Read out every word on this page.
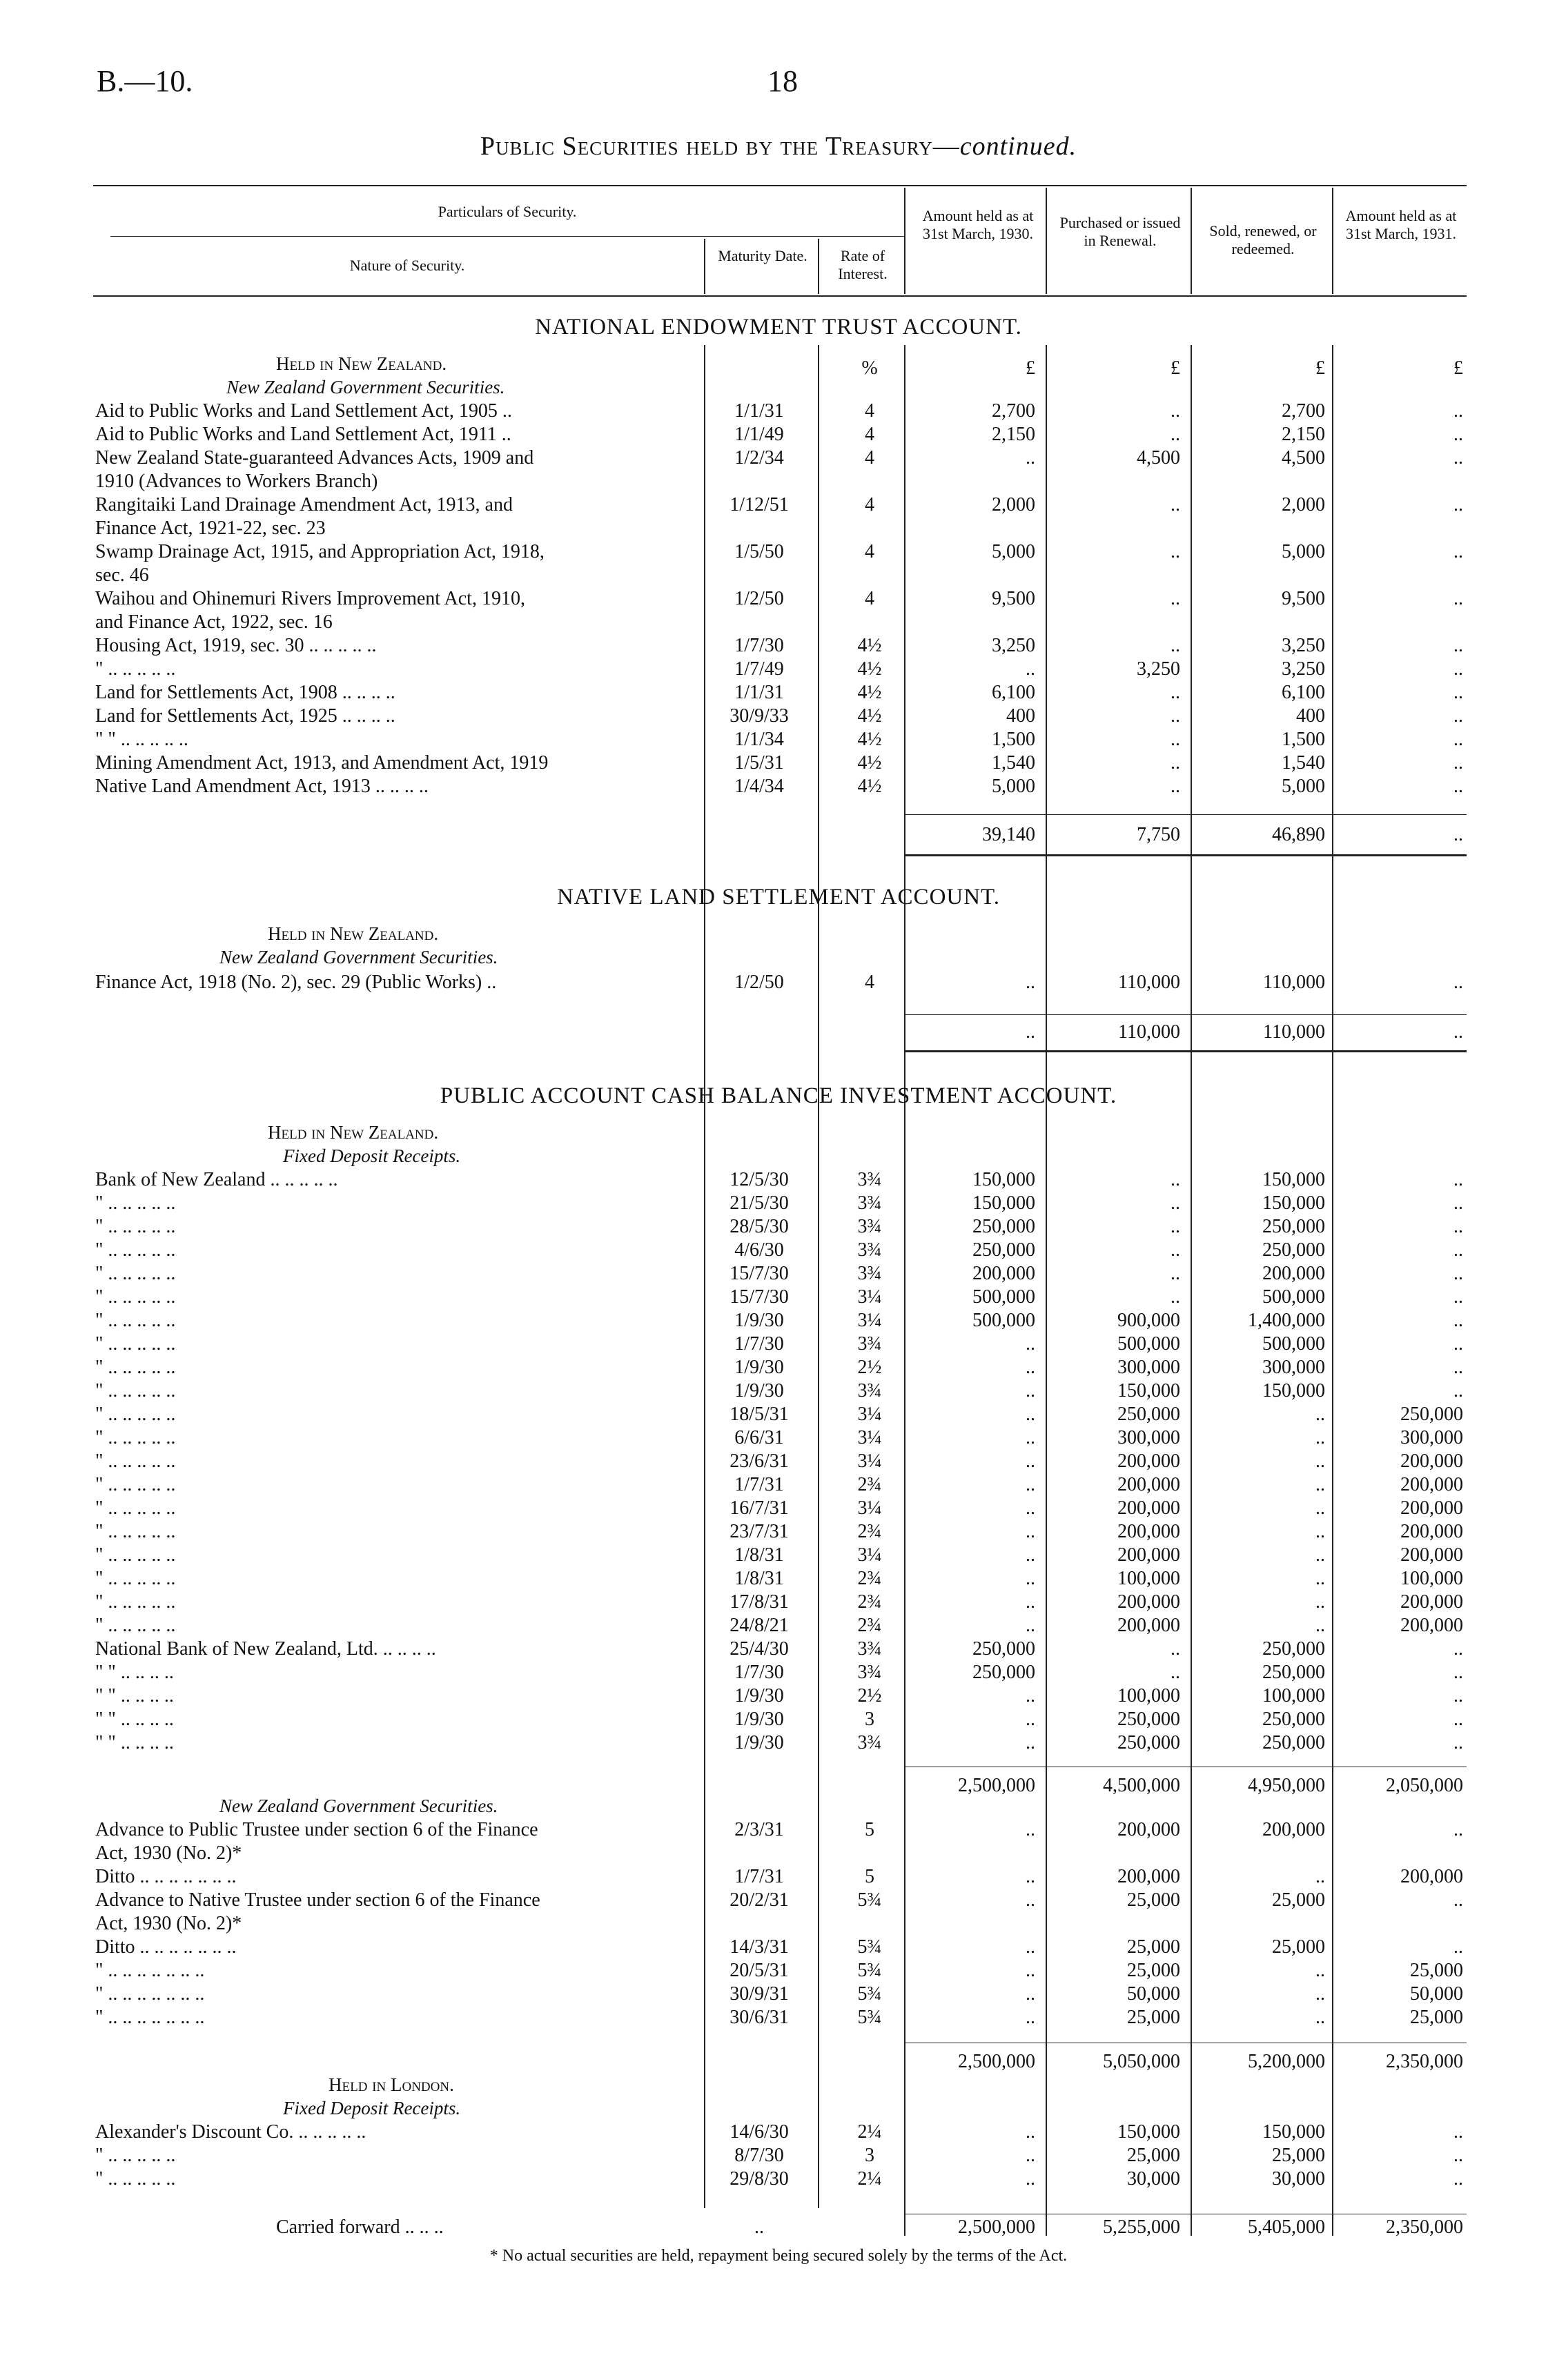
B.—10.	18
Public Securities held by the Treasury—continued.
Particulars of Security.
Nature of Security.
Maturity Date.	Rate of Interest.
Amount held as at 31st March, 1930.
Purchased or issued in Renewal.
Sold, renewed, or redeemed.
Amount held as at 31st March, 1931.
NATIONAL ENDOWMENT TRUST ACCOUNT.
Held in New Zealand.
New Zealand Government Securities.
%	£	£	£	£
Aid to Public Works and Land Settlement Act, 1905 ..	1/1/31	4	2,700	..	2,700	..
Aid to Public Works and Land Settlement Act, 1911 ..	1/1/49	4	2,150	..	2,150	..
New Zealand State-guaranteed Advances Acts, 1909 and	1/2/34	4	..	4,500	4,500	..
1910 (Advances to Workers Branch)
Rangitaiki Land Drainage Amendment Act, 1913, and	1/12/51	4	2,000	..	2,000	..
Finance Act, 1921-22, sec. 23
Swamp Drainage Act, 1915, and Appropriation Act, 1918,	1/5/50	4	5,000	..	5,000	..
sec. 46
Waihou and Ohinemuri Rivers Improvement Act, 1910,	1/2/50	4	9,500	..	9,500	..
and Finance Act, 1922, sec. 16
Housing Act, 1919, sec. 30 .. .. .. .. ..	1/7/30	4½	3,250	..	3,250	..
" .. .. .. .. ..	1/7/49	4½	..	3,250	3,250	..
Land for Settlements Act, 1908 .. .. .. ..	1/1/31	4½	6,100	..	6,100	..
Land for Settlements Act, 1925 .. .. .. ..	30/9/33	4½	400	..	400	..
" " .. .. .. .. ..	1/1/34	4½	1,500	..	1,500	..
Mining Amendment Act, 1913, and Amendment Act, 1919	1/5/31	4½	1,540	..	1,540	..
Native Land Amendment Act, 1913 .. .. .. ..	1/4/34	4½	5,000	..	5,000	..
39,140	7,750	46,890	..
NATIVE LAND SETTLEMENT ACCOUNT.
Held in New Zealand.
New Zealand Government Securities.
Finance Act, 1918 (No. 2), sec. 29 (Public Works) ..	1/2/50	4	..	110,000	110,000	..
..	110,000	110,000	..
PUBLIC ACCOUNT CASH BALANCE INVESTMENT ACCOUNT.
Held in New Zealand.
Fixed Deposit Receipts.
Bank of New Zealand .. .. .. .. ..	12/5/30	3¾	150,000	..	150,000	..
" .. .. .. .. ..	21/5/30	3¾	150,000	..	150,000	..
" .. .. .. .. ..	28/5/30	3¾	250,000	..	250,000	..
" .. .. .. .. ..	4/6/30	3¾	250,000	..	250,000	..
" .. .. .. .. ..	15/7/30	3¾	200,000	..	200,000	..
" .. .. .. .. ..	15/7/30	3¼	500,000	..	500,000	..
" .. .. .. .. ..	1/9/30	3¼	500,000	900,000	1,400,000	..
" .. .. .. .. ..	1/7/30	3¾	..	500,000	500,000	..
" .. .. .. .. ..	1/9/30	2½	..	300,000	300,000	..
" .. .. .. .. ..	1/9/30	3¾	..	150,000	150,000	..
" .. .. .. .. ..	18/5/31	3¼	..	250,000	..	250,000
" .. .. .. .. ..	6/6/31	3¼	..	300,000	..	300,000
" .. .. .. .. ..	23/6/31	3¼	..	200,000	..	200,000
" .. .. .. .. ..	1/7/31	2¾	..	200,000	..	200,000
" .. .. .. .. ..	16/7/31	3¼	..	200,000	..	200,000
" .. .. .. .. ..	23/7/31	2¾	..	200,000	..	200,000
" .. .. .. .. ..	1/8/31	3¼	..	200,000	..	200,000
" .. .. .. .. ..	1/8/31	2¾	..	100,000	..	100,000
" .. .. .. .. ..	17/8/31	2¾	..	200,000	..	200,000
" .. .. .. .. ..	24/8/21	2¾	..	200,000	..	200,000
National Bank of New Zealand, Ltd. .. .. .. ..	25/4/30	3¾	250,000	..	250,000	..
" " .. .. .. ..	1/7/30	3¾	250,000	..	250,000	..
" " .. .. .. ..	1/9/30	2½	..	100,000	100,000	..
" " .. .. .. ..	1/9/30	3	..	250,000	250,000	..
" " .. .. .. ..	1/9/30	3¾	..	250,000	250,000	..
2,500,000	4,500,000	4,950,000	2,050,000
New Zealand Government Securities.
Advance to Public Trustee under section 6 of the Finance	2/3/31	5	..	200,000	200,000	..
Act, 1930 (No. 2)*
Ditto .. .. .. .. .. .. ..	1/7/31	5	..	200,000	..	200,000
Advance to Native Trustee under section 6 of the Finance	20/2/31	5¾	..	25,000	25,000	..
Act, 1930 (No. 2)*
Ditto .. .. .. .. .. .. ..	14/3/31	5¾	..	25,000	25,000	..
" .. .. .. .. .. .. ..	20/5/31	5¾	..	25,000	..	25,000
" .. .. .. .. .. .. ..	30/9/31	5¾	..	50,000	..	50,000
" .. .. .. .. .. .. ..	30/6/31	5¾	..	25,000	..	25,000
2,500,000	5,050,000	5,200,000	2,350,000
Held in London.
Fixed Deposit Receipts.
Alexander's Discount Co. .. .. .. .. ..	14/6/30	2¼	..	150,000	150,000	..
" .. .. .. .. ..	8/7/30	3	..	25,000	25,000	..
" .. .. .. .. ..	29/8/30	2¼	..	30,000	30,000	..
Carried forward .. .. ..	..	2,500,000	5,255,000	5,405,000	2,350,000
* No actual securities are held, repayment being secured solely by the terms of the Act.
